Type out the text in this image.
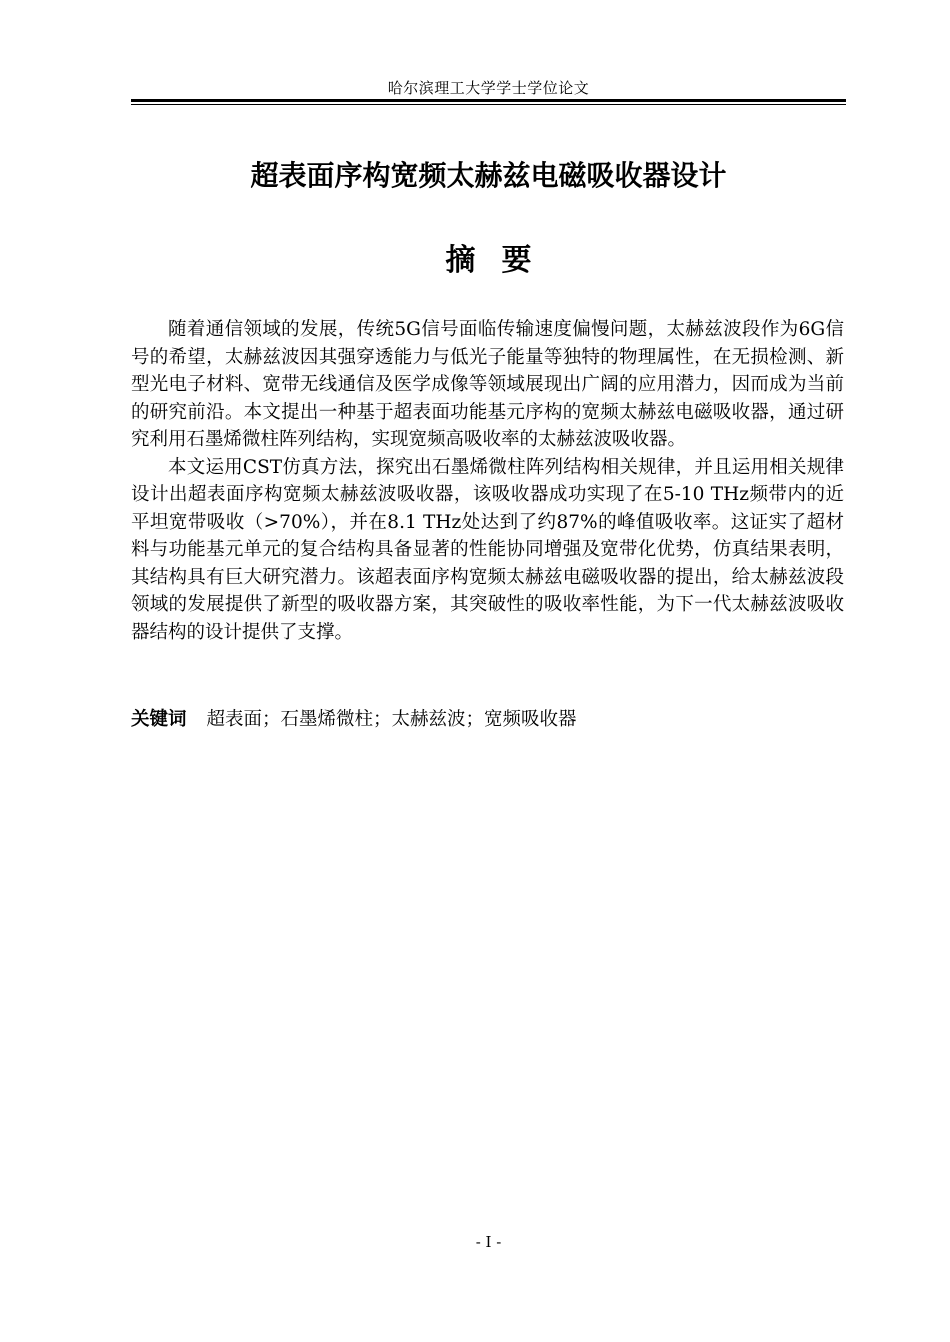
哈尔滨理工大学学士学位论文
超表面序构宽频太赫兹电磁吸收器设计
摘要

随着通信领域的发展，传统5G信号面临传输速度偏慢问题，太赫兹波段作为6G信号的希望，太赫兹波因其强穿透能力与低光子能量等独特的物理属性，在无损检测、新型光电子材料、宽带无线通信及医学成像等领域展现出广阔的应用潜力，因而成为当前的研究前沿。本文提出一种基于超表面功能基元序构的宽频太赫兹电磁吸收器，通过研究利用石墨烯微柱阵列结构，实现宽频高吸收率的太赫兹波吸收器。

本文运用CST仿真方法，探究出石墨烯微柱阵列结构相关规律，并且运用相关规律设计出超表面序构宽频太赫兹波吸收器，该吸收器成功实现了在5-10 THz频带内的近平坦宽带吸收（>70%），并在8.1 THz处达到了约87%的峰值吸收率。这证实了超材料与功能基元单元的复合结构具备显著的性能协同增强及宽带化优势，仿真结果表明，其结构具有巨大研究潜力。该超表面序构宽频太赫兹电磁吸收器的提出，给太赫兹波段领域的发展提供了新型的吸收器方案，其突破性的吸收率性能，为下一代太赫兹波吸收器结构的设计提供了支撑。

关键词 超表面；石墨烯微柱；太赫兹波；宽频吸收器
- I -
